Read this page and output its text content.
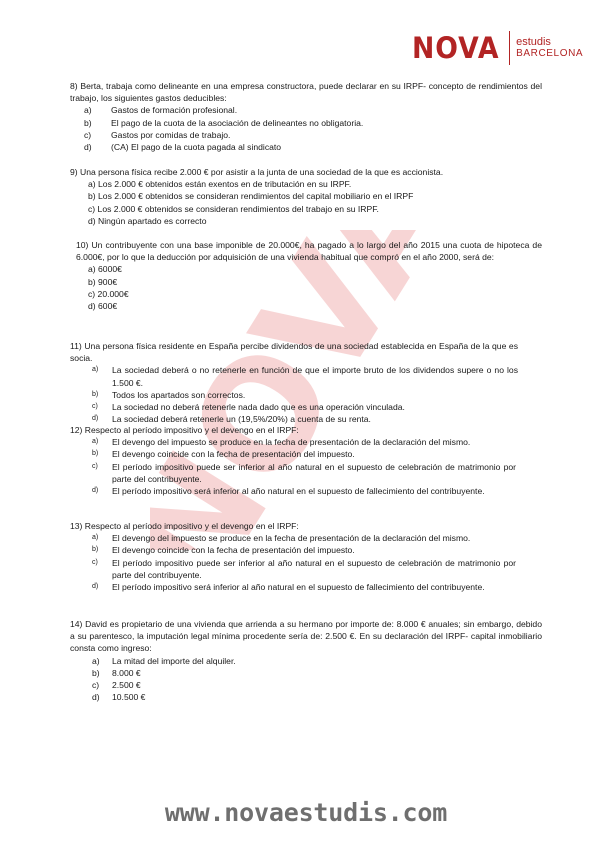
NOVA estudis
BARCELONA
NOVA

8) Berta, trabaja como delineante en una empresa constructora, puede declarar en su IRPF- concepto de rendimientos del trabajo, los siguientes gastos deducibles:

a)	Gastos de formación profesional.
b)	El pago de la cuota de la asociación de delineantes no obligatoria.
c)	Gastos por comidas de trabajo.
d)	(CA) El pago de la cuota pagada al sindicato

9) Una persona física recibe 2.000 € por asistir a la junta de una sociedad de la que es accionista.

a) Los 2.000 € obtenidos están exentos en de tributación en su IRPF.
b) Los 2.000 € obtenidos se consideran rendimientos del capital mobiliario en el IRPF
c) Los 2.000 € obtenidos se consideran rendimientos del trabajo en su IRPF.
d) Ningún apartado es correcto

10) Un contribuyente con una base imponible de 20.000€, ha pagado a lo largo del año 2015 una cuota de hipoteca de 6.000€, por lo que la deducción por adquisición de una vivienda habitual que compró en el año 2000, será de:

a) 6000€
b) 900€
c) 20.000€
d) 600€

11) Una persona física residente en España percibe dividendos de una sociedad establecida en España de la que es socia.

a)	La sociedad deberá o no retenerle en función de que el importe bruto de los dividendos supere o no los 1.500 €.
b)	Todos los apartados son correctos.
c)	La sociedad no deberá retenerle nada dado que es una operación vinculada.
d)	La sociedad deberá retenerle un (19,5%/20%) a cuenta de su renta.

12) Respecto al período impositivo y el devengo en el IRPF:

a)	El devengo del impuesto se produce en la fecha de presentación de la declaración del mismo.
b)	El devengo coincide con la fecha de presentación del impuesto.
c)	El período impositivo puede ser inferior al año natural en el supuesto de celebración de matrimonio por parte del contribuyente.
d)	El período impositivo será inferior al año natural en el supuesto de fallecimiento del contribuyente.

13) Respecto al período impositivo y el devengo en el IRPF:

a)	El devengo del impuesto se produce en la fecha de presentación de la declaración del mismo.
b)	El devengo coincide con la fecha de presentación del impuesto.
c)	El período impositivo puede ser inferior al año natural en el supuesto de celebración de matrimonio por parte del contribuyente.
d)	El período impositivo será inferior al año natural en el supuesto de fallecimiento del contribuyente.

14) David es propietario de una vivienda que arrienda a su hermano por importe de: 8.000 € anuales; sin embargo, debido a su parentesco, la imputación legal mínima procedente sería de: 2.500 €. En su declaración del IRPF- capital inmobiliario consta como ingreso:

a)	La mitad del importe del alquiler.
b)	8.000 €
c)	2.500 €
d)	10.500 €
www.novaestudis.com
